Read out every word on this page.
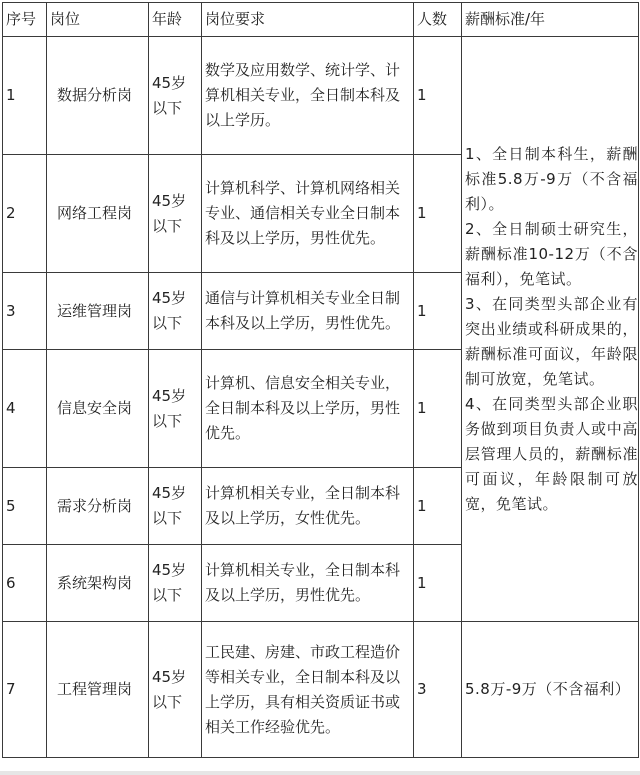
序号	岗位	年龄	岗位要求	人数	薪酬标准/年
1	数据分析岗	45岁以下	数学及应用数学、统计学、计算机相关专业，全日制本科及以上学历。	1	1、全日制本科生，薪酬标准5.8万-9万（不含福利）。

2、全日制硕士研究生，薪酬标准10-12万（不含福利），免笔试。

3、在同类型头部企业有突出业绩或科研成果的，薪酬标准可面议，年龄限制可放宽，免笔试。

4、在同类型头部企业职务做到项目负责人或中高层管理人员的，薪酬标准可面议，年龄限制可放宽，免笔试。

2	网络工程岗	45岁以下	计算机科学、计算机网络相关专业、通信相关专业全日制本科及以上学历，男性优先。	1	
3	运维管理岗	45岁以下	通信与计算机相关专业全日制本科及以上学历，男性优先。	1	
4	信息安全岗	45岁以下	计算机、信息安全相关专业，全日制本科及以上学历，男性优先。	1	
5	需求分析岗	45岁以下	计算机相关专业，全日制本科及以上学历，女性优先。	1	
6	系统架构岗	45岁以下	计算机相关专业，全日制本科及以上学历，男性优先。	1	
7	工程管理岗	45岁以下	工民建、房建、市政工程造价等相关专业，全日制本科及以上学历，具有相关资质证书或相关工作经验优先。	3	5.8万-9万（不含福利）
